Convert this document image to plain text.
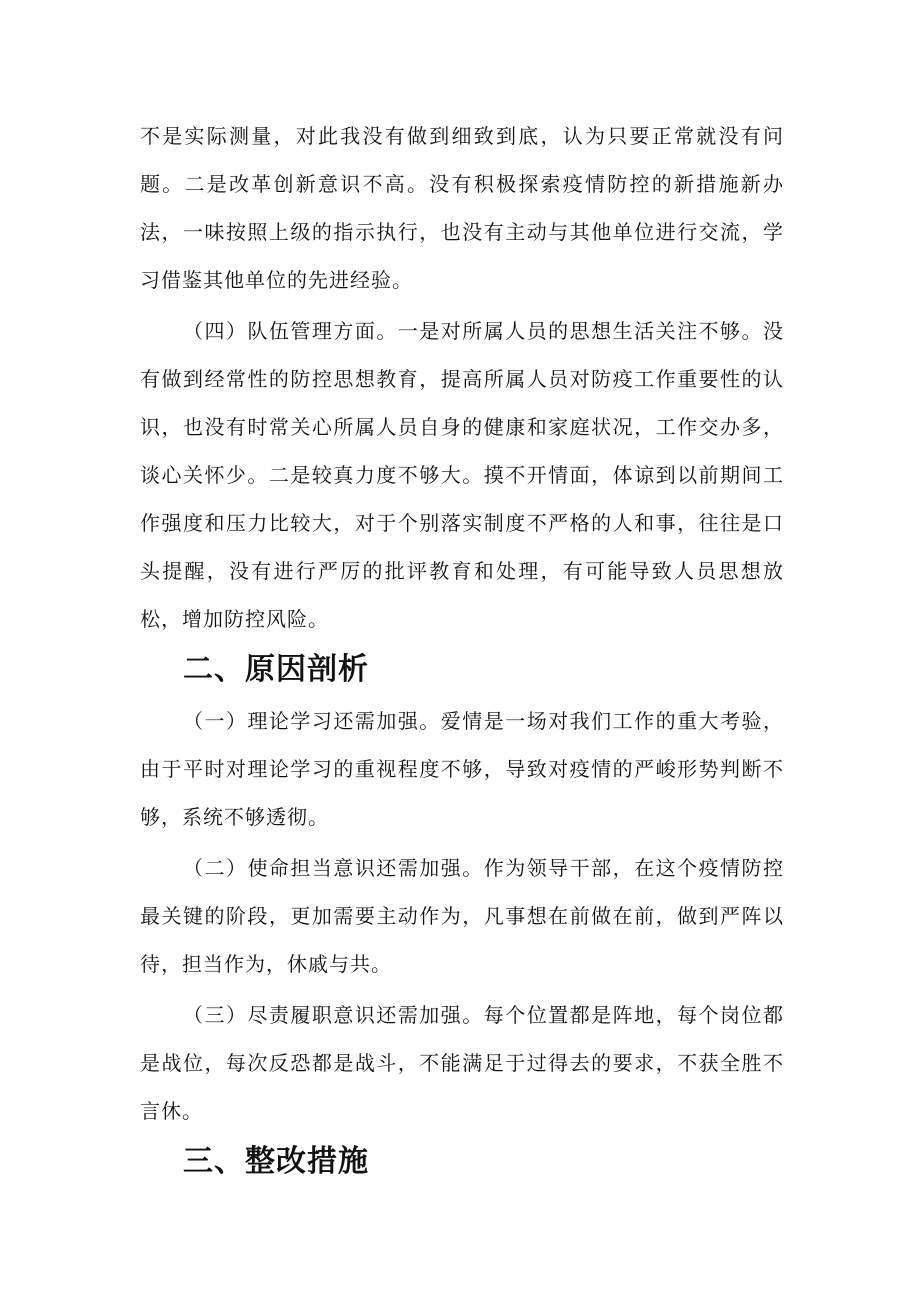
不是实际测量，对此我没有做到细致到底，认为只要正常就没有问题。二是改革创新意识不高。没有积极探索疫情防控的新措施新办法，一味按照上级的指示执行，也没有主动与其他单位进行交流，学习借鉴其他单位的先进经验。

（四）队伍管理方面。一是对所属人员的思想生活关注不够。没有做到经常性的防控思想教育，提高所属人员对防疫工作重要性的认识，也没有时常关心所属人员自身的健康和家庭状况，工作交办多，谈心关怀少。二是较真力度不够大。摸不开情面，体谅到以前期间工作强度和压力比较大，对于个别落实制度不严格的人和事，往往是口头提醒，没有进行严厉的批评教育和处理，有可能导致人员思想放松，增加防控风险。

二、原因剖析

（一）理论学习还需加强。爱情是一场对我们工作的重大考验，由于平时对理论学习的重视程度不够，导致对疫情的严峻形势判断不够，系统不够透彻。

（二）使命担当意识还需加强。作为领导干部，在这个疫情防控最关键的阶段，更加需要主动作为，凡事想在前做在前，做到严阵以待，担当作为，休戚与共。

（三）尽责履职意识还需加强。每个位置都是阵地，每个岗位都是战位，每次反恐都是战斗，不能满足于过得去的要求，不获全胜不言休。

三、整改措施
